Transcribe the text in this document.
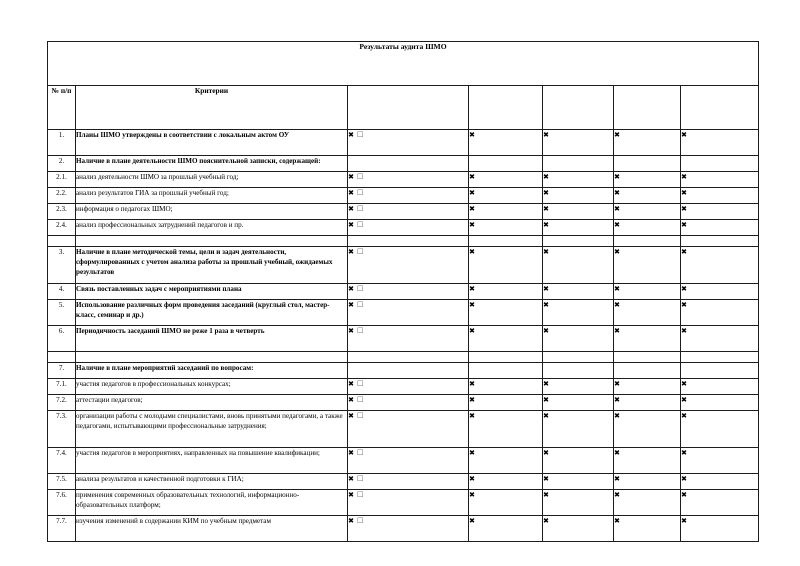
Результаты аудита ШМО						
№ п/п	Критерии					
1.	Планы ШМО утверждены в соответствии с локальным актом ОУ	✖ ☐	✖	✖	✖	✖
2.	Наличие в плане деятельности ШМО пояснительной записки, содержащей:					
2.1.	анализ деятельности ШМО за прошлый учебный год;	✖ ☐	✖	✖	✖	✖
2.2.	анализ результатов ГИА за прошлый учебный год;	✖ ☐	✖	✖	✖	✖
2.3.	информация о педагогах ШМО;	✖ ☐	✖	✖	✖	✖
2.4.	анализ профессиональных затруднений педагогов и пр.	✖ ☐	✖	✖	✖	✖

3.	Наличие в плане методической темы, цели и задач деятельности, сформулированных с учетом анализа работы за прошлый учебный, ожидаемых результатов	✖ ☐	✖	✖	✖	✖
4.	Связь поставленных задач с мероприятиями плана	✖ ☐	✖	✖	✖	✖
5.	Использование различных форм проведения заседаний (круглый стол, мастер-класс, семинар и др.)	✖ ☐	✖	✖	✖	✖
6.	Периодичность заседаний ШМО не реже 1 раза в четверть	✖ ☐	✖	✖	✖	✖

7.	Наличие в плане мероприятий заседаний по вопросам:					
7.1.	участия педагогов в профессиональных конкурсах;	✖ ☐	✖	✖	✖	✖
7.2.	аттестации педагогов;	✖ ☐	✖	✖	✖	✖
7.3.	организации работы с молодыми специалистами, вновь принятыми педагогами, а также педагогами, испытывающими профессиональные затруднения;	✖ ☐	✖	✖	✖	✖
7.4.	участия педагогов в мероприятиях, направленных на повышение квалификации;	✖ ☐	✖	✖	✖	✖
7.5.	анализа результатов и качественной подготовки к ГИА;	✖ ☐	✖	✖	✖	✖
7.6.	применения современных образовательных технологий, информационно-образовательных платформ;	✖ ☐	✖	✖	✖	✖
7.7.	изучения изменений в содержании КИМ по учебным предметам	✖ ☐	✖	✖	✖	✖
